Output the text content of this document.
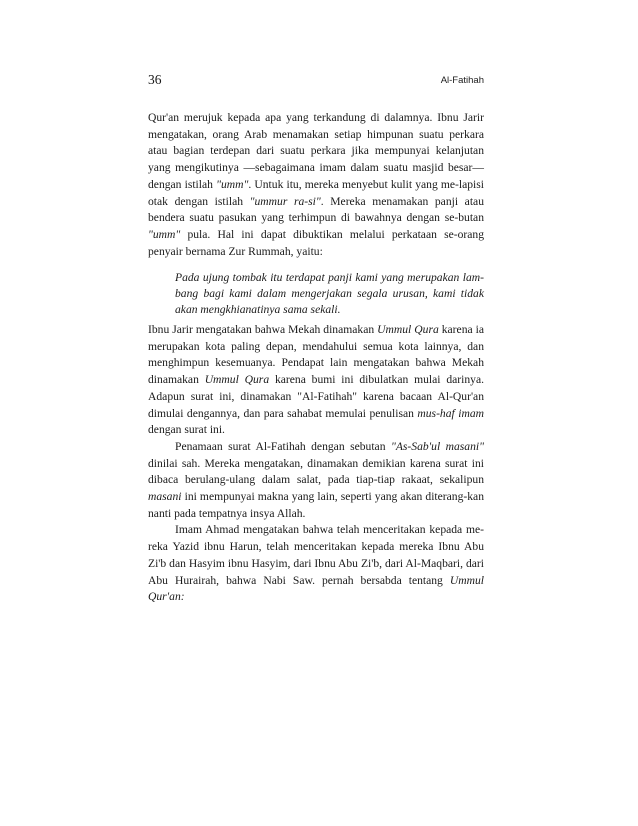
36	Al-Fatihah

Qur'an merujuk kepada apa yang terkandung di dalamnya. Ibnu Jarir mengatakan, orang Arab menamakan setiap himpunan suatu perkara atau bagian terdepan dari suatu perkara jika mempunyai kelanjutan yang mengikutinya —sebagaimana imam dalam suatu masjid besar— dengan istilah "umm". Untuk itu, mereka menyebut kulit yang me-lapisi otak dengan istilah "ummur ra-si". Mereka menamakan panji atau bendera suatu pasukan yang terhimpun di bawahnya dengan se-butan "umm" pula. Hal ini dapat dibuktikan melalui perkataan se-orang penyair bernama Zur Rummah, yaitu:

Pada ujung tombak itu terdapat panji kami yang merupakan lam-bang bagi kami dalam mengerjakan segala urusan, kami tidak akan mengkhianatinya sama sekali.

Ibnu Jarir mengatakan bahwa Mekah dinamakan Ummul Qura karena ia merupakan kota paling depan, mendahului semua kota lainnya, dan menghimpun kesemuanya. Pendapat lain mengatakan bahwa Mekah dinamakan Ummul Qura karena bumi ini dibulatkan mulai darinya. Adapun surat ini, dinamakan "Al-Fatihah" karena bacaan Al-Qur'an dimulai dengannya, dan para sahabat memulai penulisan mus-haf imam dengan surat ini.

Penamaan surat Al-Fatihah dengan sebutan "As-Sab'ul masani" dinilai sah. Mereka mengatakan, dinamakan demikian karena surat ini dibaca berulang-ulang dalam salat, pada tiap-tiap rakaat, sekalipun masani ini mempunyai makna yang lain, seperti yang akan diterang-kan nanti pada tempatnya insya Allah.

Imam Ahmad mengatakan bahwa telah menceritakan kepada me-reka Yazid ibnu Harun, telah menceritakan kepada mereka Ibnu Abu Zi'b dan Hasyim ibnu Hasyim, dari Ibnu Abu Zi'b, dari Al-Maqbari, dari Abu Hurairah, bahwa Nabi Saw. pernah bersabda tentang Ummul Qur'an:
